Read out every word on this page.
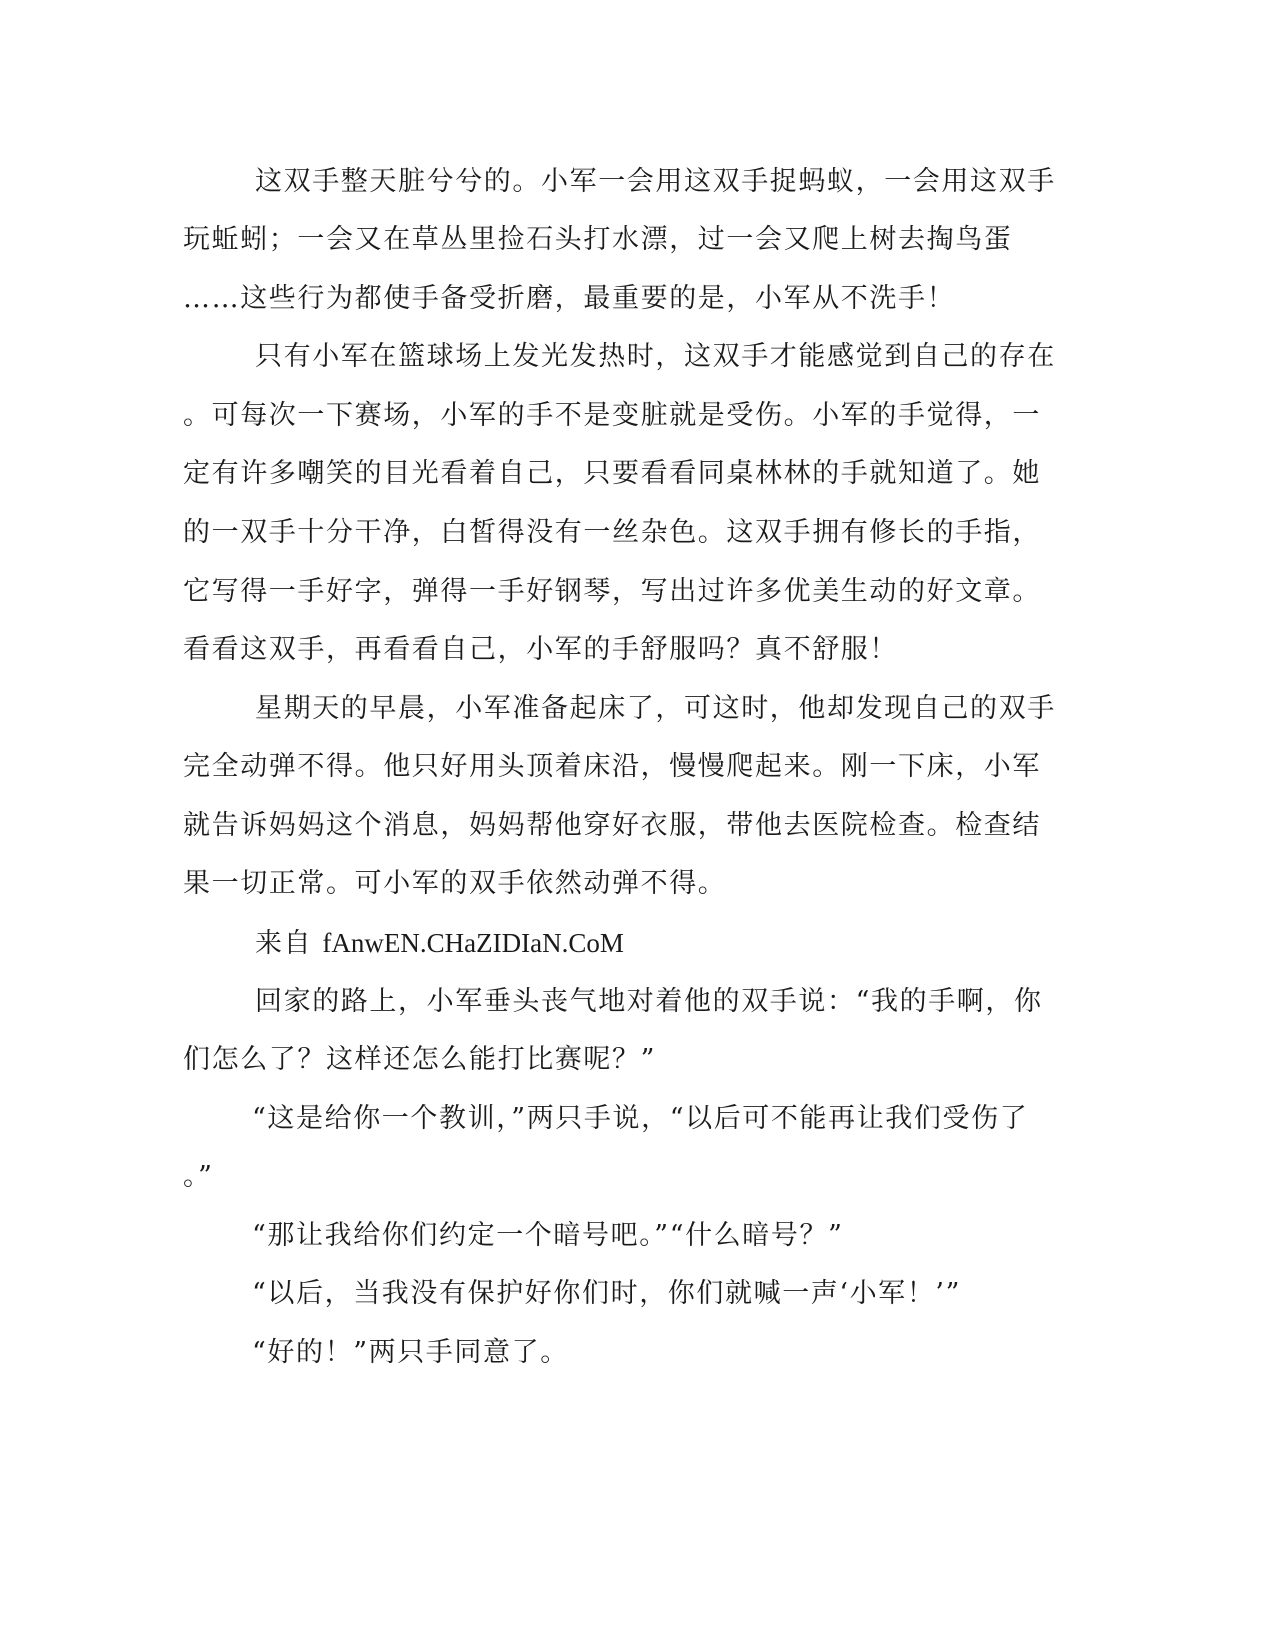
这双手整天脏兮兮的。小军一会用这双手捉蚂蚁，一会用这双手
玩蚯蚓；一会又在草丛里捡石头打水漂，过一会又爬上树去掏鸟蛋
……这些行为都使手备受折磨，最重要的是，小军从不洗手！
只有小军在篮球场上发光发热时，这双手才能感觉到自己的存在
。可每次一下赛场，小军的手不是变脏就是受伤。小军的手觉得，一
定有许多嘲笑的目光看着自己，只要看看同桌林林的手就知道了。她
的一双手十分干净，白皙得没有一丝杂色。这双手拥有修长的手指，
它写得一手好字，弹得一手好钢琴，写出过许多优美生动的好文章。
看看这双手，再看看自己，小军的手舒服吗？真不舒服！
星期天的早晨，小军准备起床了，可这时，他却发现自己的双手
完全动弹不得。他只好用头顶着床沿，慢慢爬起来。刚一下床，小军
就告诉妈妈这个消息，妈妈帮他穿好衣服，带他去医院检查。检查结
果一切正常。可小军的双手依然动弹不得。
来自 fAnwEN.CHaZIDIaN.CoM
回家的路上，小军垂头丧气地对着他的双手说：“我的手啊，你
们怎么了？这样还怎么能打比赛呢？”
“这是给你一个教训，”两只手说，“以后可不能再让我们受伤了
。”
“那让我给你们约定一个暗号吧。”“什么暗号？”
“以后，当我没有保护好你们时，你们就喊一声‘小军！’”
“好的！”两只手同意了。
